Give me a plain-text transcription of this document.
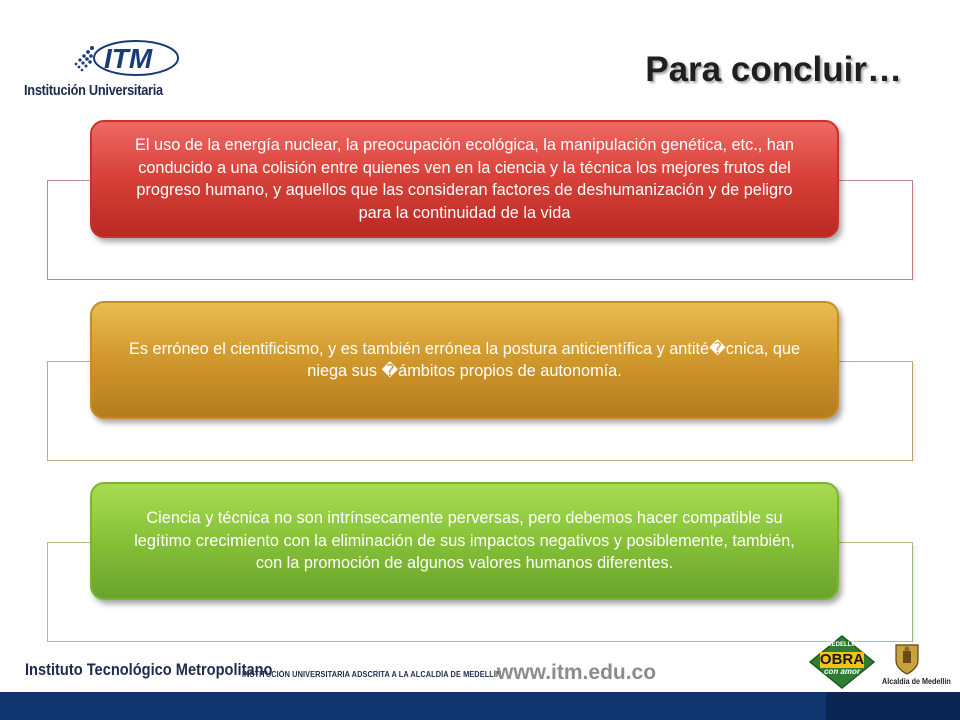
ITM
Institución Universitaria
Para concluir…
El uso de la energía nuclear, la preocupación ecológica, la manipulación genética, etc., han conducido a una colisión entre quienes ven en la ciencia y la técnica los mejores frutos del progreso humano, y aquellos que las consideran factores de deshumanización y de peligro para la continuidad de la vida
Es erróneo el cientificismo, y es también errónea la postura anticientífica y antité�cnica, que niega sus �ámbitos propios de autonomía.
Ciencia y técnica no son intrínsecamente perversas, pero debemos hacer compatible su legítimo crecimiento con la eliminación de sus impactos negativos y posiblemente, también, con la promoción de algunos valores humanos diferentes.
Instituto Tecnológico Metropolitano
INSTITUCIÓN UNIVERSITARIA ADSCRITA A LA ALCALDÍA DE MEDELLÍN
www.itm.edu.co
MEDELLÍN
OBRA
con amor
Alcaldía de Medellín
